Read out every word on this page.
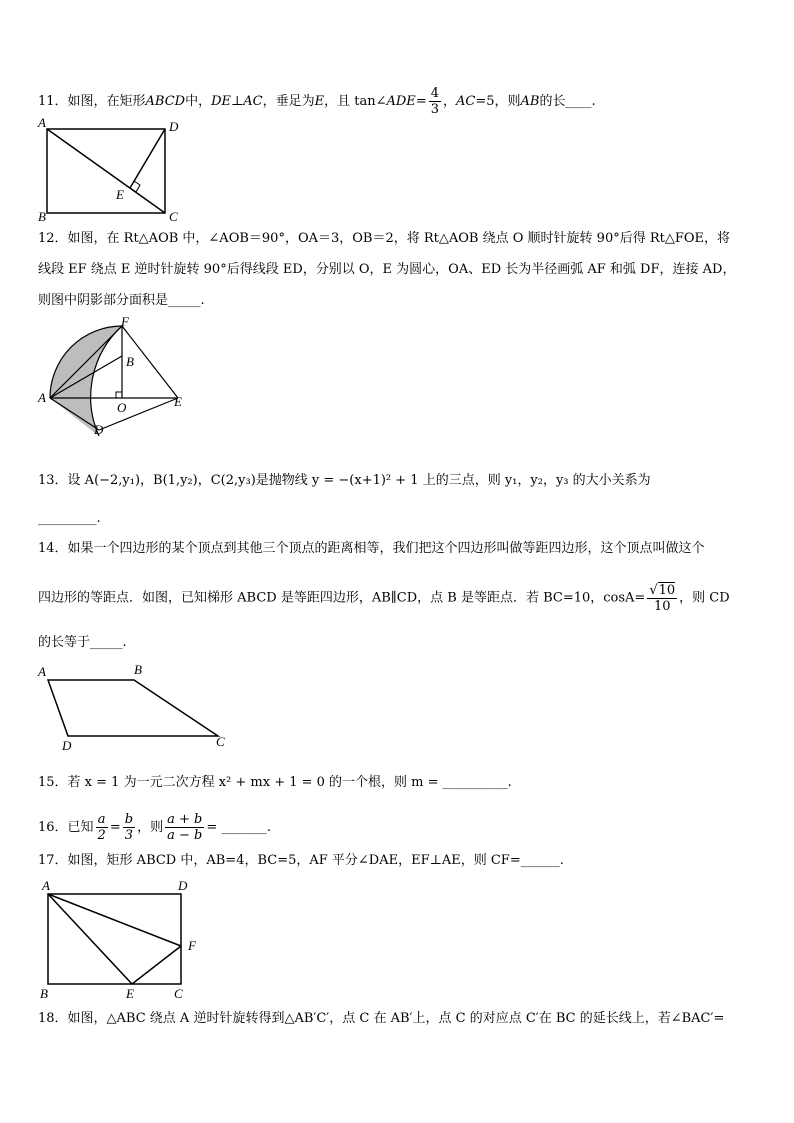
11．如图，在矩形ABCD中，DE⊥AC，垂足为E，且 tan∠ADE= $\frac{4}{3}$ ，AC=5，则AB的长____.
A	D
B	C
E
12．如图，在 Rt△AOB 中，∠AOB＝90°，OA＝3，OB＝2，将 Rt△AOB 绕点 O 顺时针旋转 90°后得 Rt△FOE，将
线段 EF 绕点 E 逆时针旋转 90°后得线段 ED，分别以 O，E 为圆心，OA、ED 长为半径画弧 AF 和弧 DF，连接 AD，
则图中阴影部分面积是_____.
F
B
A
O	E
D
13．设 A(−2,y₁)，B(1,y₂)，C(2,y₃)是抛物线 y = −(x+1)² + 1 上的三点，则 y₁，y₂，y₃ 的大小关系为
_________.
14．如果一个四边形的某个顶点到其他三个顶点的距离相等，我们把这个四边形叫做等距四边形，这个顶点叫做这个
四边形的等距点．如图，已知梯形 ABCD 是等距四边形，AB∥CD，点 B 是等距点．若 BC=10，$\cos A= \frac{√10}{10}$ ，则 CD
的长等于_____.
A	B
C
D
15．若 x = 1 为一元二次方程 x² + mx + 1 = 0 的一个根，则 m = __________.
16．已知 $\frac{a}{2} = \frac{b}{3}$ ，则 $\frac{a + b}{a - b}$ = _______.
17．如图，矩形 ABCD 中，AB=4，BC=5，AF 平分∠DAE，EF⊥AE，则 CF=______.
A	D
F
B	E	C
18．如图，△ABC 绕点 A 逆时针旋转得到△AB′C′，点 C 在 AB′上，点 C 的对应点 C′在 BC 的延长线上，若∠BAC′=
